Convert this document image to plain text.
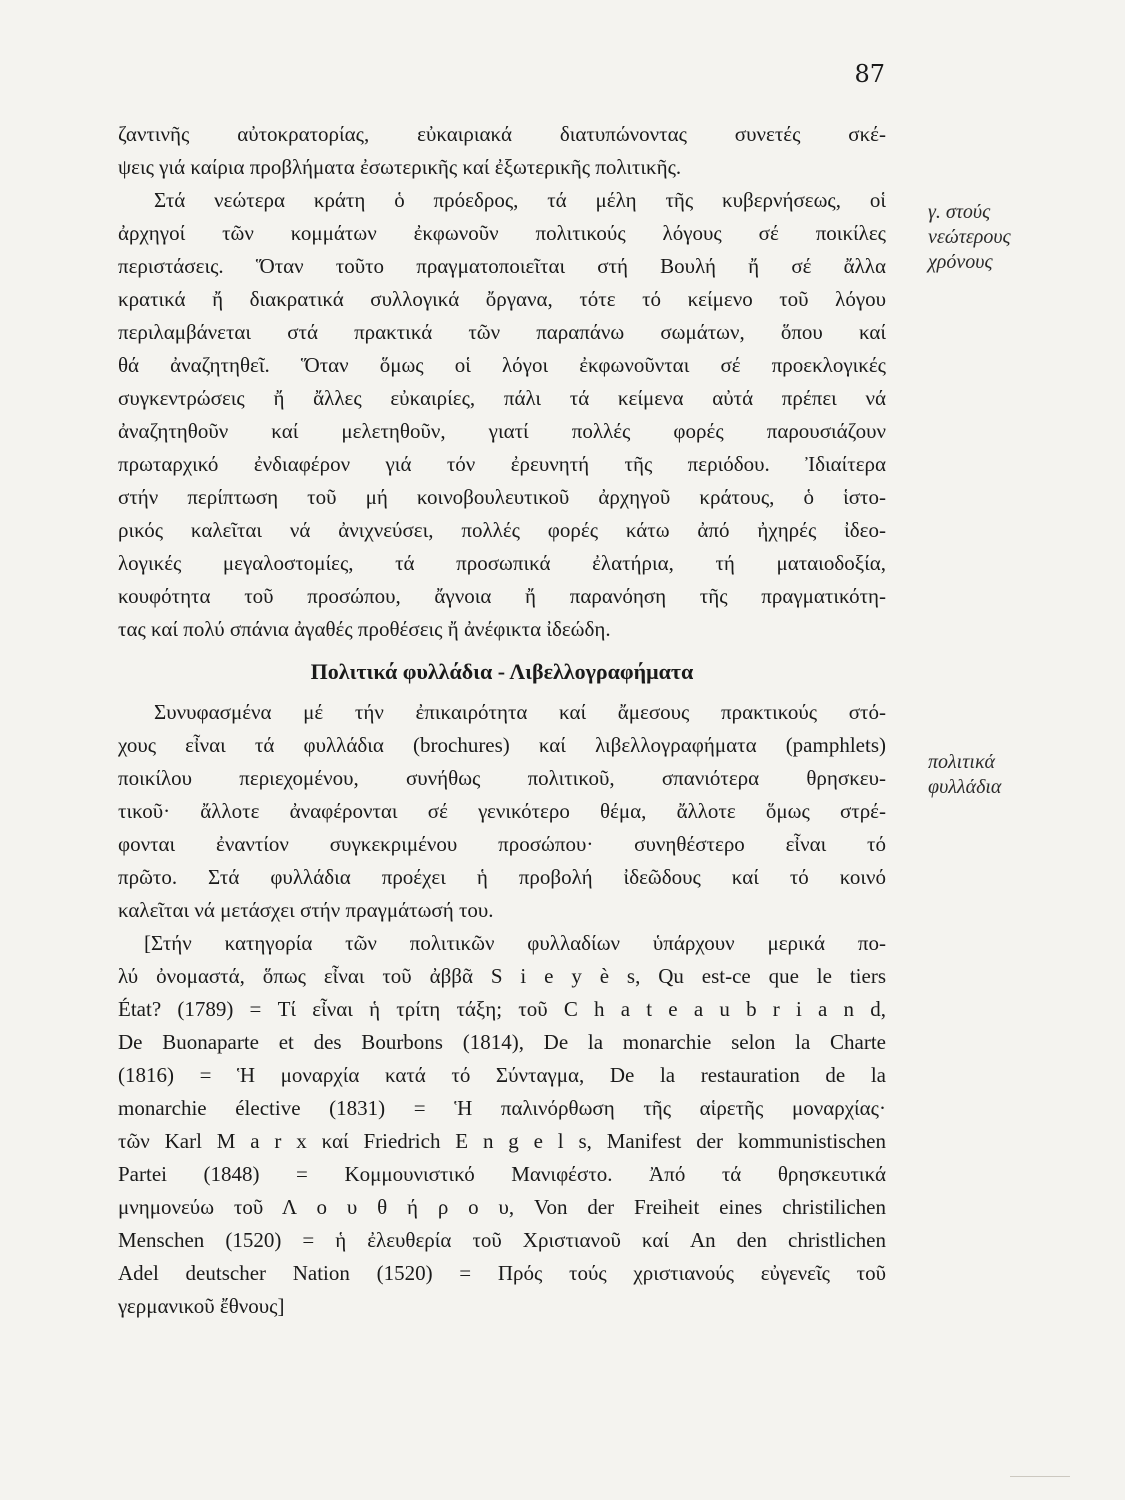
87
ζαντινῆς αὐτοκρατορίας, εὐκαιριακά διατυπώνοντας συνετές σκέ-
ψεις γιά καίρια προβλήματα ἐσωτερικῆς καί ἐξωτερικῆς πολιτικῆς.
Στά νεώτερα κράτη ὁ πρόεδρος, τά μέλη τῆς κυβερνήσεως, οἱ
ἀρχηγοί τῶν κομμάτων ἐκφωνοῦν πολιτικούς λόγους σέ ποικίλες
περιστάσεις. Ὅταν τοῦτο πραγματοποιεῖται στή Βουλή ἤ σέ ἄλλα
κρατικά ἤ διακρατικά συλλογικά ὄργανα, τότε τό κείμενο τοῦ λόγου
περιλαμβάνεται στά πρακτικά τῶν παραπάνω σωμάτων, ὅπου καί
θά ἀναζητηθεῖ. Ὅταν ὅμως οἱ λόγοι ἐκφωνοῦνται σέ προεκλογικές
συγκεντρώσεις ἤ ἄλλες εὐκαιρίες, πάλι τά κείμενα αὐτά πρέπει νά
ἀναζητηθοῦν καί μελετηθοῦν, γιατί πολλές φορές παρουσιάζουν
πρωταρχικό ἐνδιαφέρον γιά τόν ἐρευνητή τῆς περιόδου. Ἰδιαίτερα
στήν περίπτωση τοῦ μή κοινοβουλευτικοῦ ἀρχηγοῦ κράτους, ὁ ἱστο-
ρικός καλεῖται νά ἀνιχνεύσει, πολλές φορές κάτω ἀπό ἠχηρές ἰδεο-
λογικές μεγαλοστομίες, τά προσωπικά ἐλατήρια, τή ματαιοδοξία,
κουφότητα τοῦ προσώπου, ἄγνοια ἤ παρανόηση τῆς πραγματικότη-
τας καί πολύ σπάνια ἀγαθές προθέσεις ἤ ἀνέφικτα ἰδεώδη.
Πολιτικά φυλλάδια - Λιβελλογραφήματα
Συνυφασμένα μέ τήν ἐπικαιρότητα καί ἄμεσους πρακτικούς στό-
χους εἶναι τά φυλλάδια (brochures) καί λιβελλογραφήματα (pamphlets)
ποικίλου περιεχομένου, συνήθως πολιτικοῦ, σπανιότερα θρησκευ-
τικοῦ· ἄλλοτε ἀναφέρονται σέ γενικότερο θέμα, ἄλλοτε ὅμως στρέ-
φονται ἐναντίον συγκεκριμένου προσώπου· συνηθέστερο εἶναι τό
πρῶτο. Στά φυλλάδια προέχει ἡ προβολή ἰδεῶδους καί τό κοινό
καλεῖται νά μετάσχει στήν πραγμάτωσή του.
[Στήν κατηγορία τῶν πολιτικῶν φυλλαδίων ὑπάρχουν μερικά πο-
λύ ὀνομαστά, ὅπως εἶναι τοῦ ἀββᾶ S i e y è s, Qu est-ce que le tiers
État? (1789) = Τί εἶναι ἡ τρίτη τάξη; τοῦ C h a t e a u b r i a n d,
De Buonaparte et des Bourbons (1814), De la monarchie selon la Charte
(1816) = Ἡ μοναρχία κατά τό Σύνταγμα, De la restauration de la
monarchie élective (1831) = Ἡ παλινόρθωση τῆς αἱρετῆς μοναρχίας·
τῶν Karl M a r x καί Friedrich E n g e l s, Manifest der kommunistischen
Partei (1848) = Κομμουνιστικό Μανιφέστο. Ἀπό τά θρησκευτικά
μνημονεύω τοῦ Λ ο υ θ ή ρ ο υ, Von der Freiheit eines christilichen
Menschen (1520) = ἡ ἐλευθερία τοῦ Χριστιανοῦ καί An den christlichen
Adel deutscher Nation (1520) = Πρός τούς χριστιανούς εὐγενεῖς τοῦ
γερμανικοῦ ἔθνους]
γ. στούς
νεώτερους
χρόνους
πολιτικά
φυλλάδια
